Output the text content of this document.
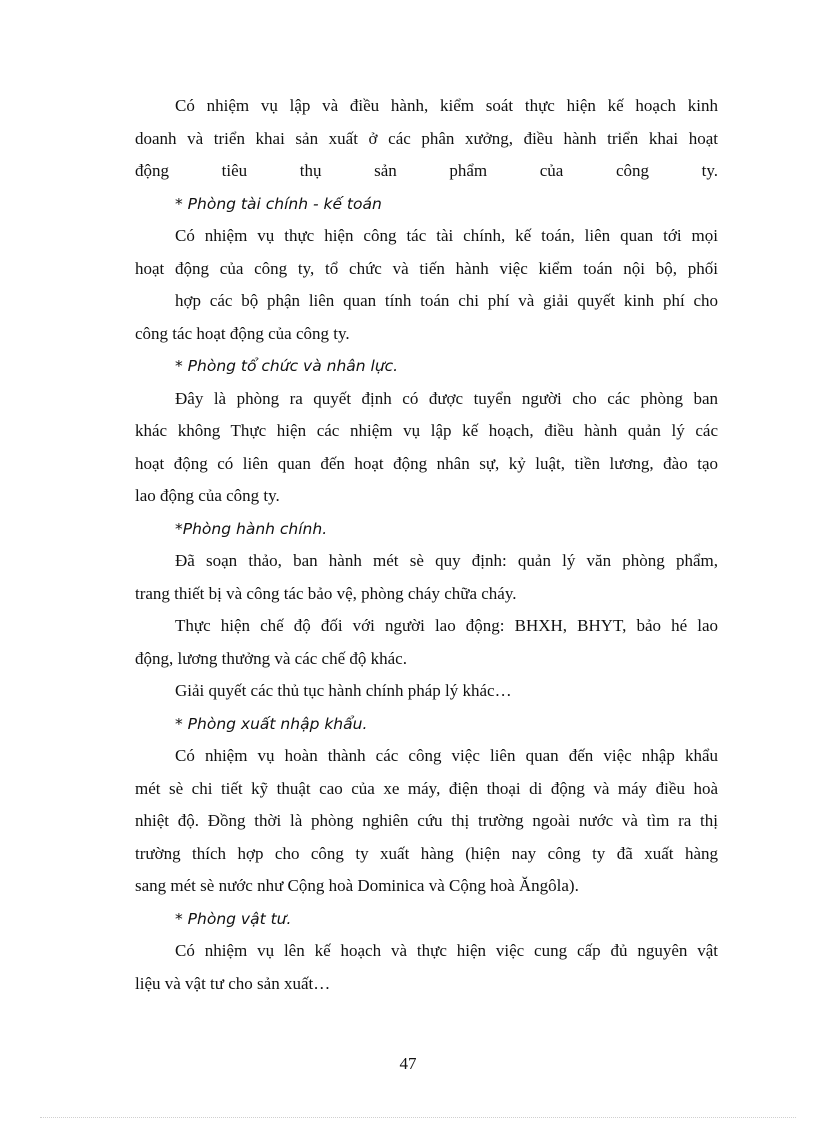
Có nhiệm vụ lập và điều hành, kiểm soát thực hiện kế hoạch kinh
doanh và triển khai sản xuất ở các phân xưởng, điều hành triển khai hoạt
động tiêu thụ sản phẩm của công ty.
* Phòng tài chính - kế toán
Có nhiệm vụ thực hiện công tác tài chính, kế toán, liên quan tới mọi
hoạt động của công ty, tổ chức và tiến hành việc kiểm toán nội bộ, phối
hợp các bộ phận liên quan tính toán chi phí và giải quyết kinh phí cho
công tác hoạt động của công ty.
* Phòng tổ chức và nhân lực.
Đây là phòng ra quyết định có được tuyển người cho các phòng ban
khác không Thực hiện các nhiệm vụ lập kế hoạch, điều hành quản lý các
hoạt động có liên quan đến hoạt động nhân sự, kỷ luật, tiền lương, đào tạo
lao động của công ty.
*Phòng hành chính.
Đã soạn thảo, ban hành mét sè quy định: quản lý văn phòng phẩm,
trang thiết bị và công tác bảo vệ, phòng cháy chữa cháy.
Thực hiện chế độ đối với người lao động: BHXH, BHYT, bảo hé lao
động, lương thưởng và các chế độ khác.
Giải quyết các thủ tục hành chính pháp lý khác…
* Phòng xuất nhập khẩu.
Có nhiệm vụ hoàn thành các công việc liên quan đến việc nhập khẩu
mét sè chi tiết kỹ thuật cao của xe máy, điện thoại di động và máy điều hoà
nhiệt độ. Đồng thời là phòng nghiên cứu thị trường ngoài nước và tìm ra thị
trường thích hợp cho công ty xuất hàng (hiện nay công ty đã xuất hàng
sang mét sè nước như Cộng hoà Dominica và Cộng hoà Ăngôla).
* Phòng vật tư.
Có nhiệm vụ lên kế hoạch và thực hiện việc cung cấp đủ nguyên vật
liệu và vật tư cho sản xuất…
47
